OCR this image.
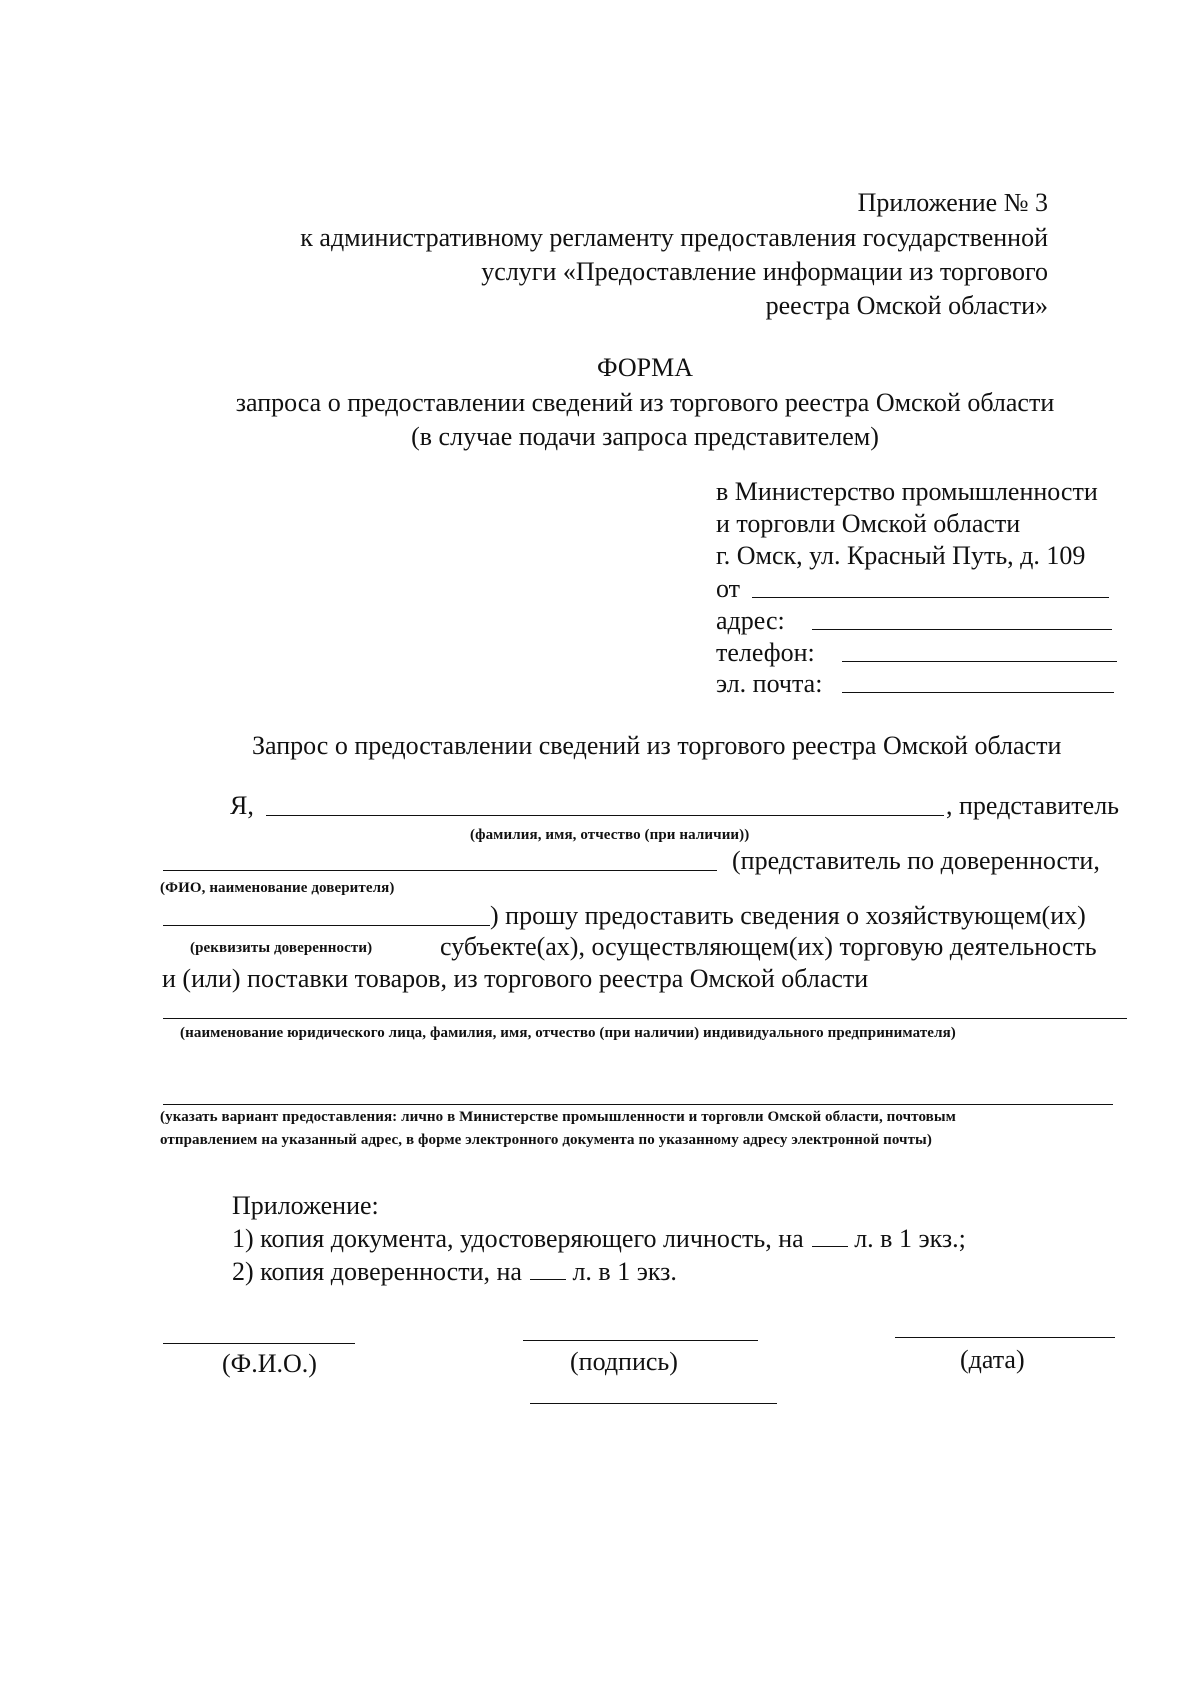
Приложение № 3
к административному регламенту предоставления государственной
услуги «Предоставление информации из торгового
реестра Омской области»
ФОРМА
запроса о предоставлении сведений из торгового реестра Омской области
(в случае подачи запроса представителем)
в Министерство промышленности
и торговли Омской области
г. Омск, ул. Красный Путь, д. 109
от
адрес:
телефон:
эл. почта:
Запрос о предоставлении сведений из торгового реестра Омской области
Я,	, представитель
(фамилия, имя, отчество (при наличии))
(представитель по доверенности,
(ФИО, наименование доверителя)
) прошу предоставить сведения о хозяйствующем(их)
(реквизиты доверенности)	субъекте(ах), осуществляющем(их) торговую деятельность
и (или) поставки товаров, из торгового реестра Омской области
(наименование юридического лица, фамилия, имя, отчество (при наличии) индивидуального предпринимателя)
(указать вариант предоставления: лично в Министерстве промышленности и торговли Омской области, почтовым
отправлением на указанный адрес, в форме электронного документа по указанному адресу электронной почты)
Приложение:
1) копия документа, удостоверяющего личность, на л. в 1 экз.;
2) копия доверенности, на л. в 1 экз.
(Ф.И.О.)	(подпись)	(дата)
